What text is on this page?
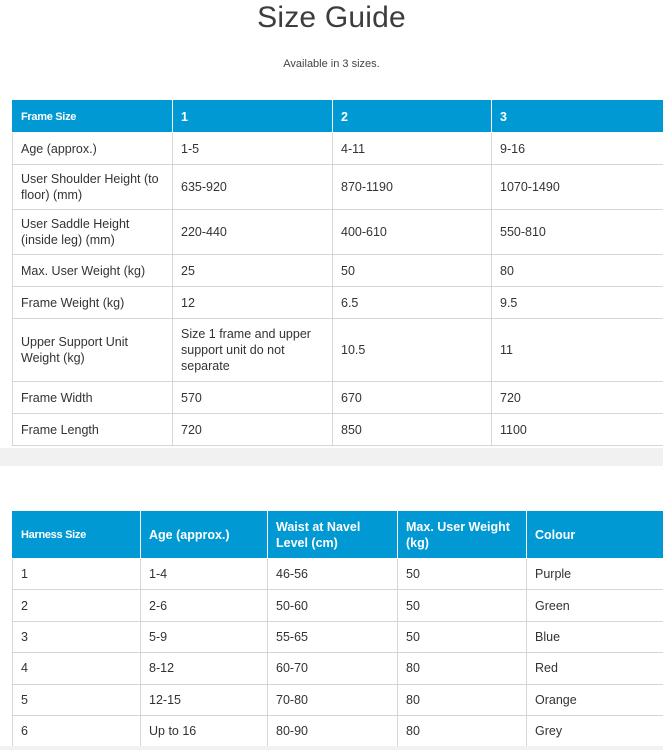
Size Guide
Available in 3 sizes.
Frame Size	1	2	3
Age (approx.)	1-5	4-11	9-16
User Shoulder Height (to floor) (mm)	635-920	870-1190	1070-1490
User Saddle Height (inside leg) (mm)	220-440	400-610	550-810
Max. User Weight (kg)	25	50	80
Frame Weight (kg)	12	6.5	9.5
Upper Support Unit Weight (kg)	Size 1 frame and upper support unit do not separate	10.5	11
Frame Width	570	670	720
Frame Length	720	850	1100
Harness Size	Age (approx.)	Waist at Navel Level (cm)	Max. User Weight (kg)	Colour
1	1-4	46-56	50	Purple
2	2-6	50-60	50	Green
3	5-9	55-65	50	Blue
4	8-12	60-70	80	Red
5	12-15	70-80	80	Orange
6	Up to 16	80-90	80	Grey
